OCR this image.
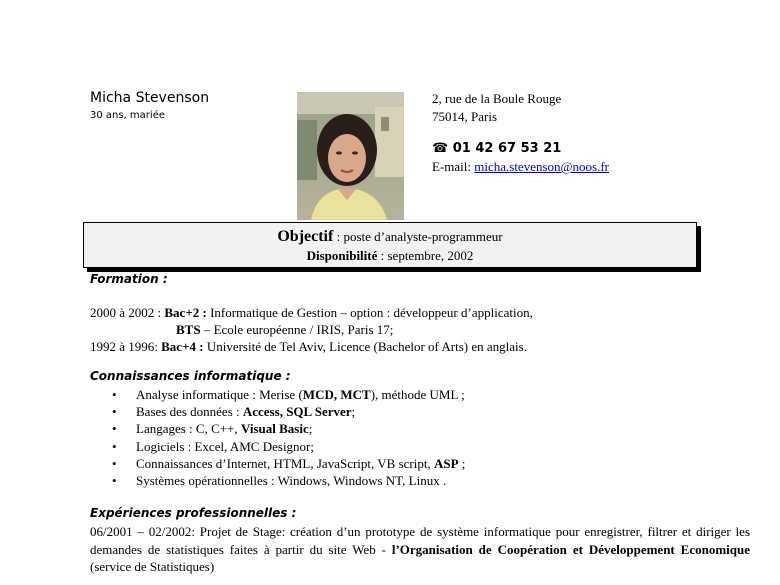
Micha Stevenson
30 ans, mariée
2, rue de la Boule Rouge
75014, Paris
☎ 01 42 67 53 21
E-mail: micha.stevenson@noos.fr
Objectif : poste d’analyste-programmeur
Disponibilité : septembre, 2002
Formation :
2000 à 2002 : Bac+2 : Informatique de Gestion – option : développeur d’application,
BTS – Ecole européenne / IRIS, Paris 17;
1992 à 1996: Bac+4 : Université de Tel Aviv, Licence (Bachelor of Arts) en anglais.
Connaissances informatique :
• Analyse informatique : Merise (MCD, MCT), méthode UML ;
• Bases des données : Access, SQL Server;
• Langages : C, C++, Visual Basic;
• Logiciels : Excel, AMC Designor;
• Connaissances d’Internet, HTML, JavaScript, VB script, ASP ;
• Systèmes opérationnelles : Windows, Windows NT, Linux .
Expériences professionnelles :
06/2001 – 02/2002: Projet de Stage: création d’un prototype de système informatique pour enregistrer, filtrer et diriger les demandes de statistiques faites à partir du site Web - l’Organisation de Coopération et Développement Economique (service de Statistiques)
